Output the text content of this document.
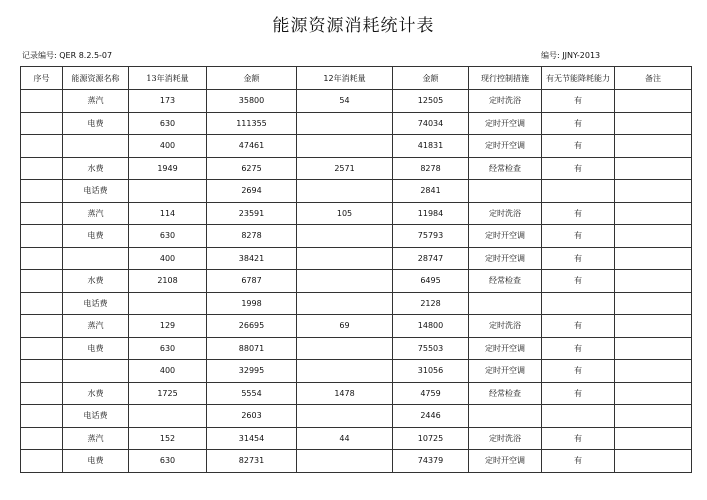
能源资源消耗统计表
记录编号: QER 8.2.5-07	编号: JJNY-2013
序号	能源资源名称	13年消耗量	金额	12年消耗量	金额	现行控制措施	有无节能降耗能力	备注
	蒸汽	173	35800	54	12505	定时洗浴	有	
	电费	630	111355		74034	定时开空调	有	
		400	47461		41831	定时开空调	有	
	水费	1949	6275	2571	8278	经常检查	有	
	电话费		2694		2841			
	蒸汽	114	23591	105	11984	定时洗浴	有	
	电费	630	8278		75793	定时开空调	有	
		400	38421		28747	定时开空调	有	
	水费	2108	6787		6495	经常检查	有	
	电话费		1998		2128			
	蒸汽	129	26695	69	14800	定时洗浴	有	
	电费	630	88071		75503	定时开空调	有	
		400	32995		31056	定时开空调	有	
	水费	1725	5554	1478	4759	经常检查	有	
	电话费		2603		2446			
	蒸汽	152	31454	44	10725	定时洗浴	有	
	电费	630	82731		74379	定时开空调	有	
